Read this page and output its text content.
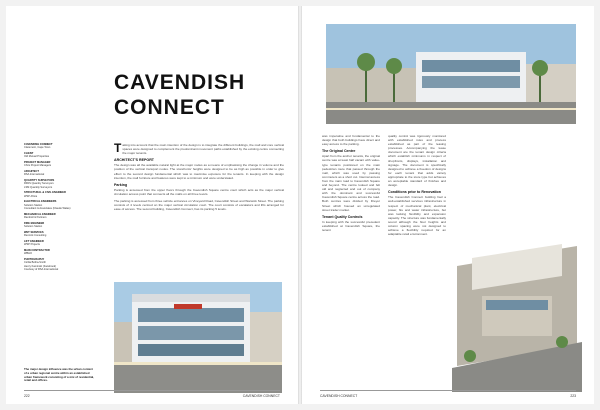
CAVENDISH
CONNECT
CAVENDISH CONNECT
Claremont, Cape Town
CLIENT
Old Mutual Properties
PROJECT MANAGER
Chris Project Managers
ARCHITECT
RSA International
QUANTITY SURVEYORS
RPAS Quantity Surveyors
LSM Quantity Surveyors
STRUCTURAL & CIVIL ENGINEER
WSP Africa
ELECTRICAL ENGINEERS
Solution Station
Consultant & Associates (Claude Wales)
MECHANICAL ENGINEER
Ramboll & Partners
FIRE ENGINEER
Solution Station
WET SERVICES
Rennick Consulting
LIFT ENGINEER
WSP Projects
MAIN CONTRACTOR
WBHO
PHOTOGRAPHY
Cicilia Botha-Smith
Henry Kaminski (Facebook)
Courtesy of RSA International
The major design influence was the urban context of a urban regional centre within an established urban framework consisting of a mix of residential, retail and offices.

Taking into account that the main intention of the design is to integrate the different buildings, the mall and core vertical spaces were designed to complement the predominant movement paths established by the existing centre connecting the major tenants.

ARCHITECT'S REPORT

The design was all the available natural light at the major nodes as a means of emphasising the change in volume and the position of the vertical transport nodes. The storefronts' heights were designed to be as high as possible in order to give effect to the second design fundamental which was to maximise exposure for the tenants. In keeping with the design intention, the mall furniture and features were kept to a minimum and were understated.

Parking

Parking is accessed from the upper floors through the Cavendish Square centre court which acts as the major vertical circulation access point that connects all the malls on all three levels.

The parking is accessed from three vehicle entrances on Vineyard Road, Cavendish Street and Warwick Street. The parking consists of 4 levels centred on the major vertical circulation court. The court consists of escalators and lifts arranged for ease of access. The second building, Cavendish Connect, has its parking 5 levels.

222	CAVENDISH CONNECT

was imperative and fundamental to the design that both buildings have direct and easy access to the parking.

The Original Centre

Apart from the anchor tenants, the original centre was at least half vacant with value-type tenants positioned on the main pedestrian route that passed through the mall, which was used by passing commuters as a short cut. Internal access from the main road to Cavendish Square and beyond. The centre looked and felt old and neglected and out of company with the dominant and successful Cavendish Square centre across the road. Both centres were divided by Dreyer Street which housed an unregulated street trader market.

Tenant Quality Controls

In keeping with the successful precedent established at Cavendish Square, the tenant

quality control was rigorously monitored with established rules and process established as part of the leasing processes. Accompanying the lease document are the tenant design criteria which establish minimums in respect of shopfronts, displays, installation and signage. The document is specifically designed to achieve a freedom of designs for each tenant that adds variety appropriate to the store type but achieves an acceptable standard of finishes and design.

Conditions prior to Renovation

The Cavendish Connect building had a well-established services infrastructure in respect of mechanical plant, electrical power, fire and water infrastructure, but was lacking flexibility and expansion capacity. The structure was fundamentally sound although the floor heights and column spacing were not designed to achieve a flexibility required for an adaptable retail environment.

CAVENDISH CONNECT	223
